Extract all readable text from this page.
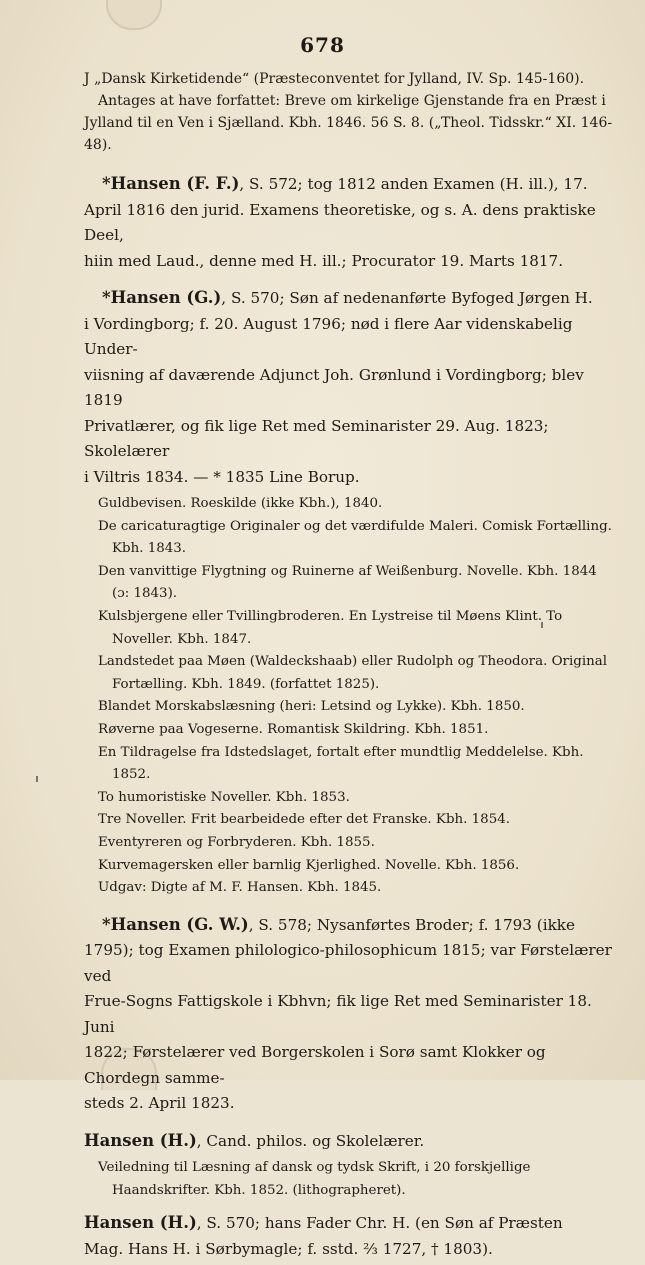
678
J „Dansk Kirketidende“ (Præsteconventet for Jylland, IV. Sp. 145-160).
Antages at have forfattet: Breve om kirkelige Gjenstande fra en Præst i
Jylland til en Ven i Sjælland. Kbh. 1846. 56 S. 8. („Theol. Tidsskr.“ XI. 146-48).
*Hansen (F. F.), S. 572; tog 1812 anden Examen (H. ill.), 17.
April 1816 den jurid. Examens theoretiske, og s. A. dens praktiske Deel,
hiin med Laud., denne med H. ill.; Procurator 19. Marts 1817.
*Hansen (G.), S. 570; Søn af nedenanførte Byfoged Jørgen H.
i Vordingborg; f. 20. August 1796; nød i flere Aar videnskabelig Under-
viisning af daværende Adjunct Joh. Grønlund i Vordingborg; blev 1819
Privatlærer, og fik lige Ret med Seminarister 29. Aug. 1823; Skolelærer
i Viltris 1834. — * 1835 Line Borup.
Guldbevisen. Roeskilde (ikke Kbh.), 1840.
De caricaturagtige Originaler og det værdifulde Maleri. Comisk Fortælling. Kbh. 1843.
Den vanvittige Flygtning og Ruinerne af Weißenburg. Novelle. Kbh. 1844 (ɔ: 1843).
Kulsbjergene eller Tvillingbroderen. En Lystreise til Møens Klint. To Noveller. Kbh. 1847.
Landstedet paa Møen (Waldeckshaab) eller Rudolph og Theodora. Original Fortælling. Kbh. 1849. (forfattet 1825).
Blandet Morskabslæsning (heri: Letsind og Lykke). Kbh. 1850.
Røverne paa Vogeserne. Romantisk Skildring. Kbh. 1851.
En Tildragelse fra Idstedslaget, fortalt efter mundtlig Meddelelse. Kbh. 1852.
To humoristiske Noveller. Kbh. 1853.
Tre Noveller. Frit bearbeidede efter det Franske. Kbh. 1854.
Eventyreren og Forbryderen. Kbh. 1855.
Kurvemagersken eller barnlig Kjerlighed. Novelle. Kbh. 1856.
Udgav: Digte af M. F. Hansen. Kbh. 1845.
*Hansen (G. W.), S. 578; Nysanførtes Broder; f. 1793 (ikke
1795); tog Examen philologico-philosophicum 1815; var Førstelærer ved
Frue-Sogns Fattigskole i Kbhvn; fik lige Ret med Seminarister 18. Juni
1822; Førstelærer ved Borgerskolen i Sorø samt Klokker og Chordegn samme-
steds 2. April 1823.
Hansen (H.), Cand. philos. og Skolelærer.
Veiledning til Læsning af dansk og tydsk Skrift, i 20 forskjellige Haandskrifter. Kbh. 1852. (lithographeret).
Hansen (H.), S. 570; hans Fader Chr. H. (en Søn af Præsten
Mag. Hans H. i Sørbymagle; f. sstd. ⅔ 1727, † 1803).
